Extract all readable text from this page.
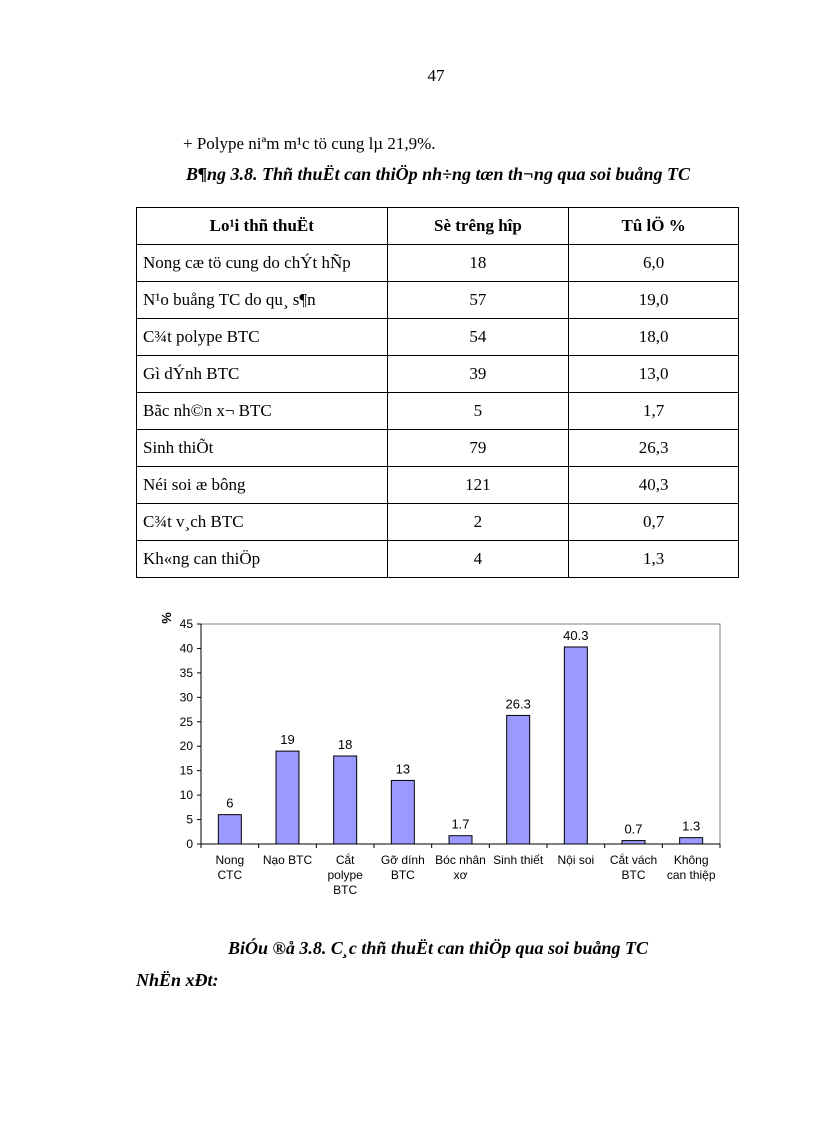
47
+ Polype niªm m¹c tö cung lµ 21,9%.
B¶ng 3.8. Thñ thuËt can thiÖp nh÷ng tæn th¬ng qua soi buång TC
Lo¹i thñ thuËt	Sè trêng hîp	Tû lÖ %
Nong cæ tö cung do chÝt hÑp	18	6,0
N¹o buång TC do qu¸ s¶n	57	19,0
C¾t polype BTC	54	18,0
Gì dÝnh BTC	39	13,0
Bãc nh©n x¬ BTC	5	1,7
Sinh thiÕt	79	26,3
Néi soi æ bông	121	40,3
C¾t v¸ch BTC	2	0,7
Kh«ng can thiÖp	4	1,3
0
5
10
15
20
25
30
35
40
45
%
6
Nong CTC
19
Nạo BTC
18
Cắt polype BTC
13
Gỡ dính BTC
1.7
Bóc nhân xơ
26.3
Sinh thiết
40.3
Nội soi
0.7
Cắt vách BTC
1.3
Không can thiệp
BiÓu ®å 3.8. C¸c thñ thuËt can thiÖp qua soi buång TC
NhËn xÐt:
